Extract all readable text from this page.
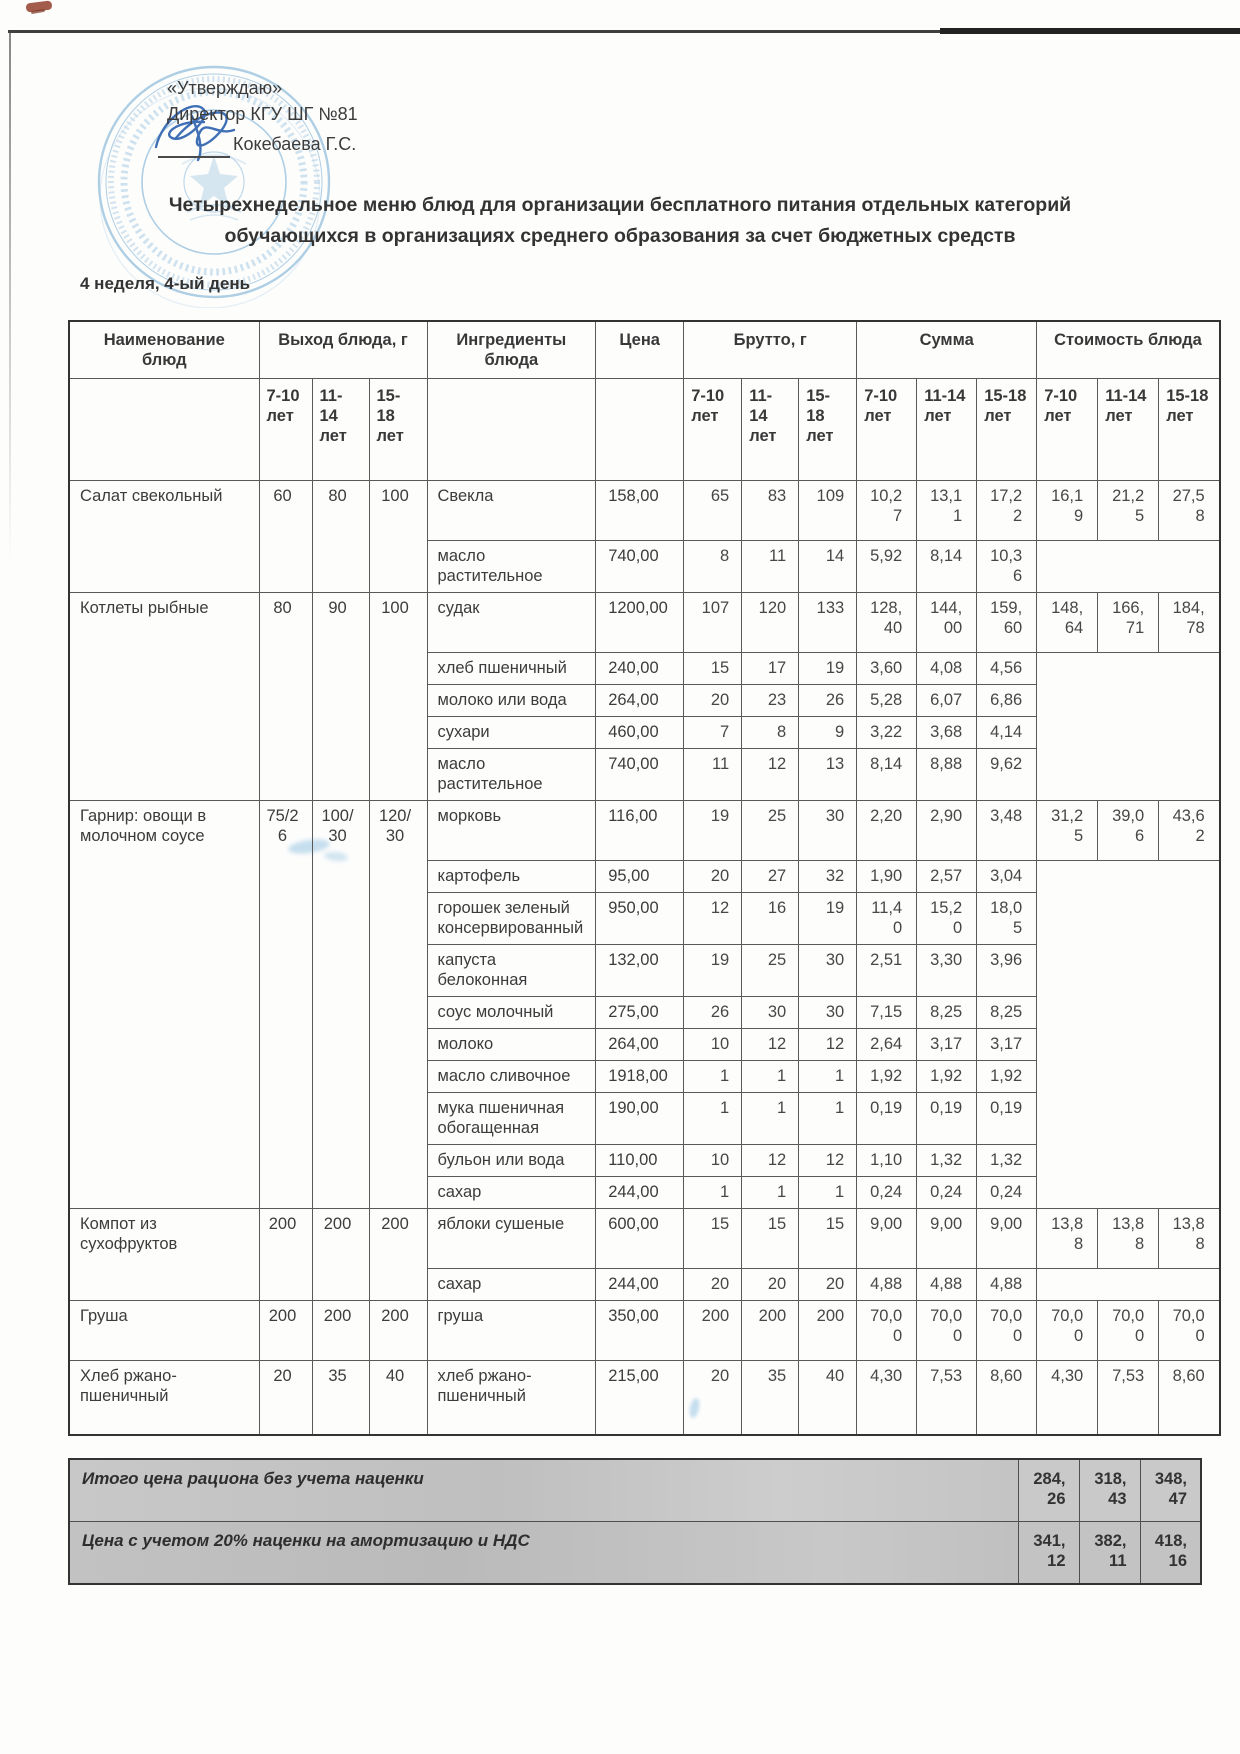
«Утверждаю»
Директор КГУ ШГ №81
Кокебаева Г.С.
Четырехнедельное меню блюд для организации бесплатного питания отдельных категорий
обучающихся в организациях среднего образования за счет бюджетных средств
4 неделя, 4-ый день
Наименование блюд	Выход блюда, г			Ингредиенты блюда	Цена	Брутто, г			Сумма			Стоимость блюда		
	7-10 лет	11-14 лет	15-18 лет			7-10 лет	11-14 лет	15-18 лет	7-10 лет	11-14 лет	15-18 лет	7-10 лет	11-14 лет	15-18 лет
Салат свекольный	60	80	100	Свекла	158,00	65	83	109	10,27	13,11	17,22	16,19	21,25	27,58
				масло растительное	740,00	8	11	14	5,92	8,14	10,36			
Котлеты рыбные	80	90	100	судак	1200,00	107	120	133	128,40	144,00	159,60	148,64	166,71	184,78
				хлеб пшеничный	240,00	15	17	19	3,60	4,08	4,56			
				молоко или вода	264,00	20	23	26	5,28	6,07	6,86			
				сухари	460,00	7	8	9	3,22	3,68	4,14			
				масло растительное	740,00	11	12	13	8,14	8,88	9,62			
Гарнир: овощи в молочном соусе	75/26	100/30	120/30	морковь	116,00	19	25	30	2,20	2,90	3,48	31,25	39,06	43,62
				картофель	95,00	20	27	32	1,90	2,57	3,04			
				горошек зеленый консервированный	950,00	12	16	19	11,40	15,20	18,05			
				капуста белоконная	132,00	19	25	30	2,51	3,30	3,96			
				соус молочный	275,00	26	30	30	7,15	8,25	8,25			
				молоко	264,00	10	12	12	2,64	3,17	3,17			
				масло сливочное	1918,00	1	1	1	1,92	1,92	1,92			
				мука пшеничная обогащенная	190,00	1	1	1	0,19	0,19	0,19			
				бульон или вода	110,00	10	12	12	1,10	1,32	1,32			
				сахар	244,00	1	1	1	0,24	0,24	0,24			
Компот из сухофруктов	200	200	200	яблоки сушеные	600,00	15	15	15	9,00	9,00	9,00	13,88	13,88	13,88
				сахар	244,00	20	20	20	4,88	4,88	4,88			
Груша	200	200	200	груша	350,00	200	200	200	70,00	70,00	70,00	70,00	70,00	70,00
Хлеб ржано-пшеничный	20	35	40	хлеб ржано-пшеничный	215,00	20	35	40	4,30	7,53	8,60	4,30	7,53	8,60
Итого цена рациона без учета наценки	284,26	318,43	348,47
Цена с учетом 20% наценки на амортизацию и НДС	341,12	382,11	418,16
